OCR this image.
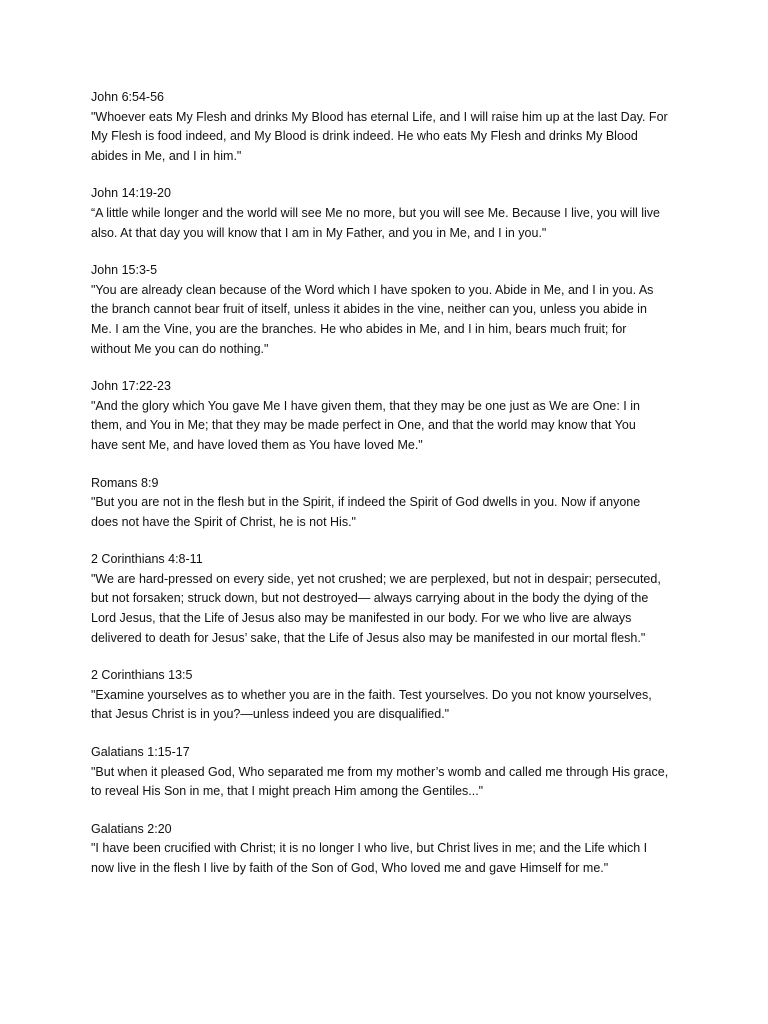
John 6:54-56

"Whoever eats My Flesh and drinks My Blood has eternal Life, and I will raise him up at the last Day. For
My Flesh is food indeed, and My Blood is drink indeed. He who eats My Flesh and drinks My Blood
abides in Me, and I in him."

John 14:19-20

“A little while longer and the world will see Me no more, but you will see Me. Because I live, you will live
also. At that day you will know that I am in My Father, and you in Me, and I in you."

John 15:3-5

"You are already clean because of the Word which I have spoken to you. Abide in Me, and I in you. As
the branch cannot bear fruit of itself, unless it abides in the vine, neither can you, unless you abide in
Me. I am the Vine, you are the branches. He who abides in Me, and I in him, bears much fruit; for
without Me you can do nothing."

John 17:22-23

"And the glory which You gave Me I have given them, that they may be one just as We are One: I in
them, and You in Me; that they may be made perfect in One, and that the world may know that You
have sent Me, and have loved them as You have loved Me."

Romans 8:9

"But you are not in the flesh but in the Spirit, if indeed the Spirit of God dwells in you. Now if anyone
does not have the Spirit of Christ, he is not His."

2 Corinthians 4:8-11

"We are hard-pressed on every side, yet not crushed; we are perplexed, but not in despair; persecuted,
but not forsaken; struck down, but not destroyed— always carrying about in the body the dying of the
Lord Jesus, that the Life of Jesus also may be manifested in our body. For we who live are always
delivered to death for Jesus’ sake, that the Life of Jesus also may be manifested in our mortal flesh."

2 Corinthians 13:5

"Examine yourselves as to whether you are in the faith. Test yourselves. Do you not know yourselves,
that Jesus Christ is in you?—unless indeed you are disqualified."

Galatians 1:15-17

"But when it pleased God, Who separated me from my mother’s womb and called me through His grace,
to reveal His Son in me, that I might preach Him among the Gentiles..."

Galatians 2:20

"I have been crucified with Christ; it is no longer I who live, but Christ lives in me; and the Life which I
now live in the flesh I live by faith of the Son of God, Who loved me and gave Himself for me."
